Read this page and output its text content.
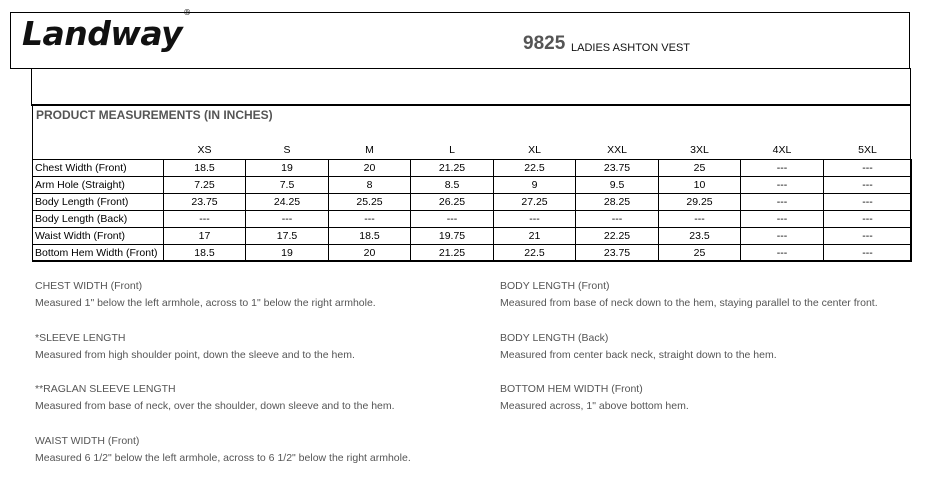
Landway®
9825 LADIES ASHTON VEST
PRODUCT MEASUREMENTS (IN INCHES)
	XS	S	M	L	XL	XXL	3XL	4XL	5XL
Chest Width (Front)	18.5	19	20	21.25	22.5	23.75	25	---	---
Arm Hole (Straight)	7.25	7.5	8	8.5	9	9.5	10	---	---
Body Length (Front)	23.75	24.25	25.25	26.25	27.25	28.25	29.25	---	---
Body Length (Back)	---	---	---	---	---	---	---	---	---
Waist Width (Front)	17	17.5	18.5	19.75	21	22.25	23.5	---	---
Bottom Hem Width (Front)	18.5	19	20	21.25	22.5	23.75	25	---	---
CHEST WIDTH (Front)
Measured 1" below the left armhole, across to 1" below the right armhole.
*SLEEVE LENGTH
Measured from high shoulder point, down the sleeve and to the hem.
**RAGLAN SLEEVE LENGTH
Measured from base of neck, over the shoulder, down sleeve and to the hem.
WAIST WIDTH (Front)
Measured 6 1/2" below the left armhole, across to 6 1/2" below the right armhole.
BODY LENGTH (Front)
Measured from base of neck down to the hem, staying parallel to the center front.
BODY LENGTH (Back)
Measured from center back neck, straight down to the hem.
BOTTOM HEM WIDTH (Front)
Measured across, 1" above bottom hem.
